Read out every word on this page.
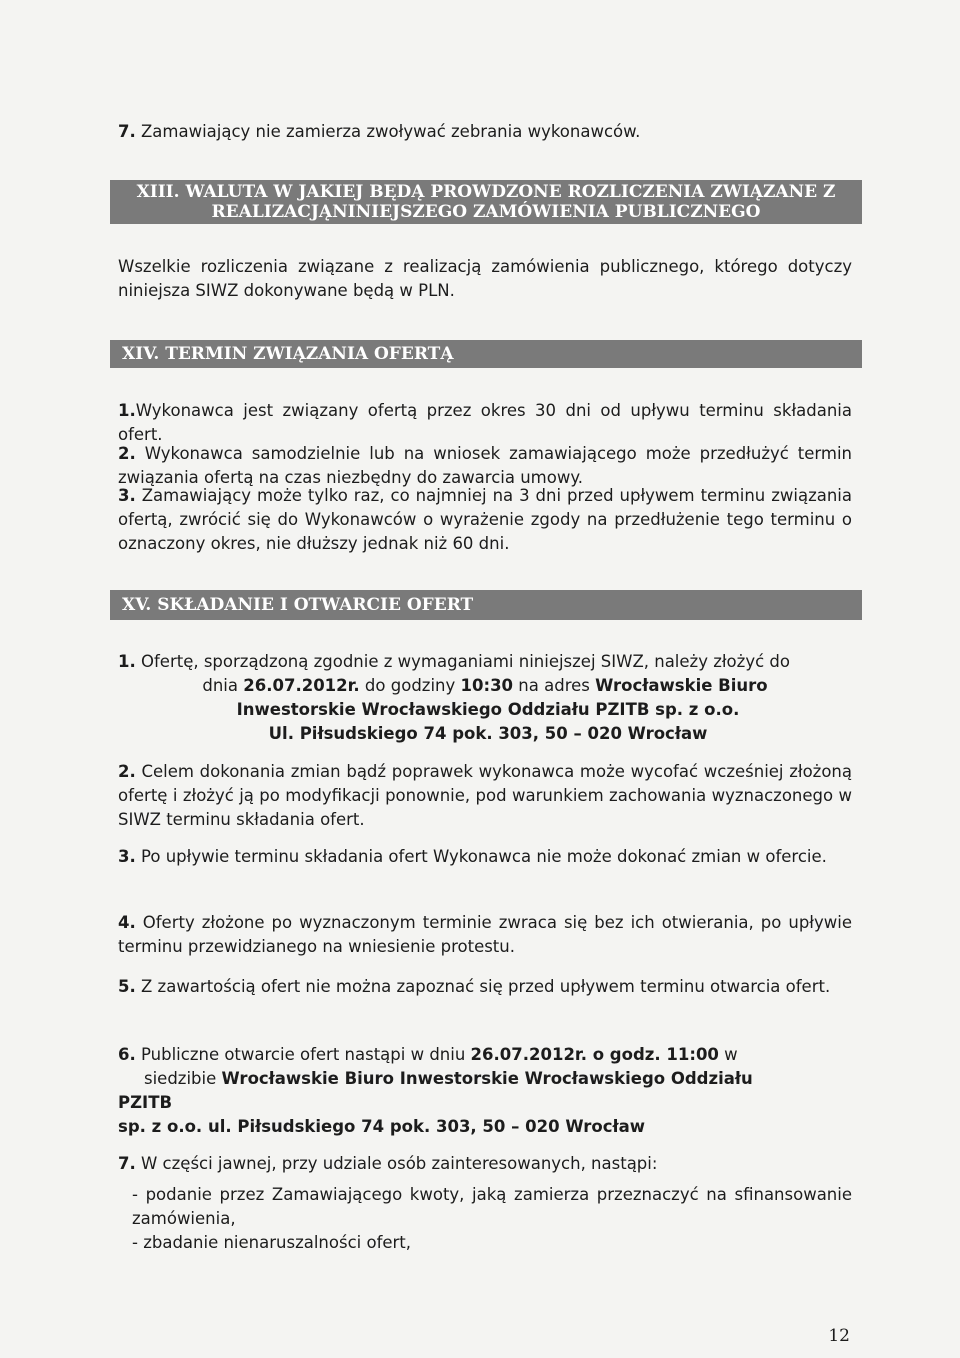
7. Zamawiający nie zamierza zwoływać zebrania wykonawców.
XIII. WALUTA W JAKIEJ BĘDĄ PROWDZONE ROZLICZENIA ZWIĄZANE Z
REALIZACJĄNINIEJSZEGO ZAMÓWIENIA PUBLICZNEGO
Wszelkie rozliczenia związane z realizacją zamówienia publicznego, którego dotyczy niniejsza SIWZ dokonywane będą w PLN.
XIV. TERMIN ZWIĄZANIA OFERTĄ
1.Wykonawca jest związany ofertą przez okres 30 dni od upływu terminu składania ofert.
2. Wykonawca samodzielnie lub na wniosek zamawiającego może przedłużyć termin związania ofertą na czas niezbędny do zawarcia umowy.
3. Zamawiający może tylko raz, co najmniej na 3 dni przed upływem terminu związania ofertą, zwrócić się do Wykonawców o wyrażenie zgody na przedłużenie tego terminu o oznaczony okres, nie dłuższy jednak niż 60 dni.
XV. SKŁADANIE I OTWARCIE OFERT
1. Ofertę, sporządzoną zgodnie z wymaganiami niniejszej SIWZ, należy złożyć do
dnia 26.07.2012r. do godziny 10:30 na adres Wrocławskie Biuro
Inwestorskie Wrocławskiego Oddziału PZITB sp. z o.o.
Ul. Piłsudskiego 74 pok. 303, 50 – 020 Wrocław
2. Celem dokonania zmian bądź poprawek wykonawca może wycofać wcześniej złożoną ofertę i złożyć ją po modyfikacji ponownie, pod warunkiem zachowania wyznaczonego w SIWZ terminu składania ofert.
3. Po upływie terminu składania ofert Wykonawca nie może dokonać zmian w ofercie.
4. Oferty złożone po wyznaczonym terminie zwraca się bez ich otwierania, po upływie terminu przewidzianego na wniesienie protestu.
5. Z zawartością ofert nie można zapoznać się przed upływem terminu otwarcia ofert.
6. Publiczne otwarcie ofert nastąpi w dniu 26.07.2012r. o godz. 11:00 w
siedzibie Wrocławskie Biuro Inwestorskie Wrocławskiego Oddziału
PZITB
sp. z o.o. ul. Piłsudskiego 74 pok. 303, 50 – 020 Wrocław
7. W części jawnej, przy udziale osób zainteresowanych, nastąpi:
- podanie przez Zamawiającego kwoty, jaką zamierza przeznaczyć na sfinansowanie zamówienia,
- zbadanie nienaruszalności ofert,
12
